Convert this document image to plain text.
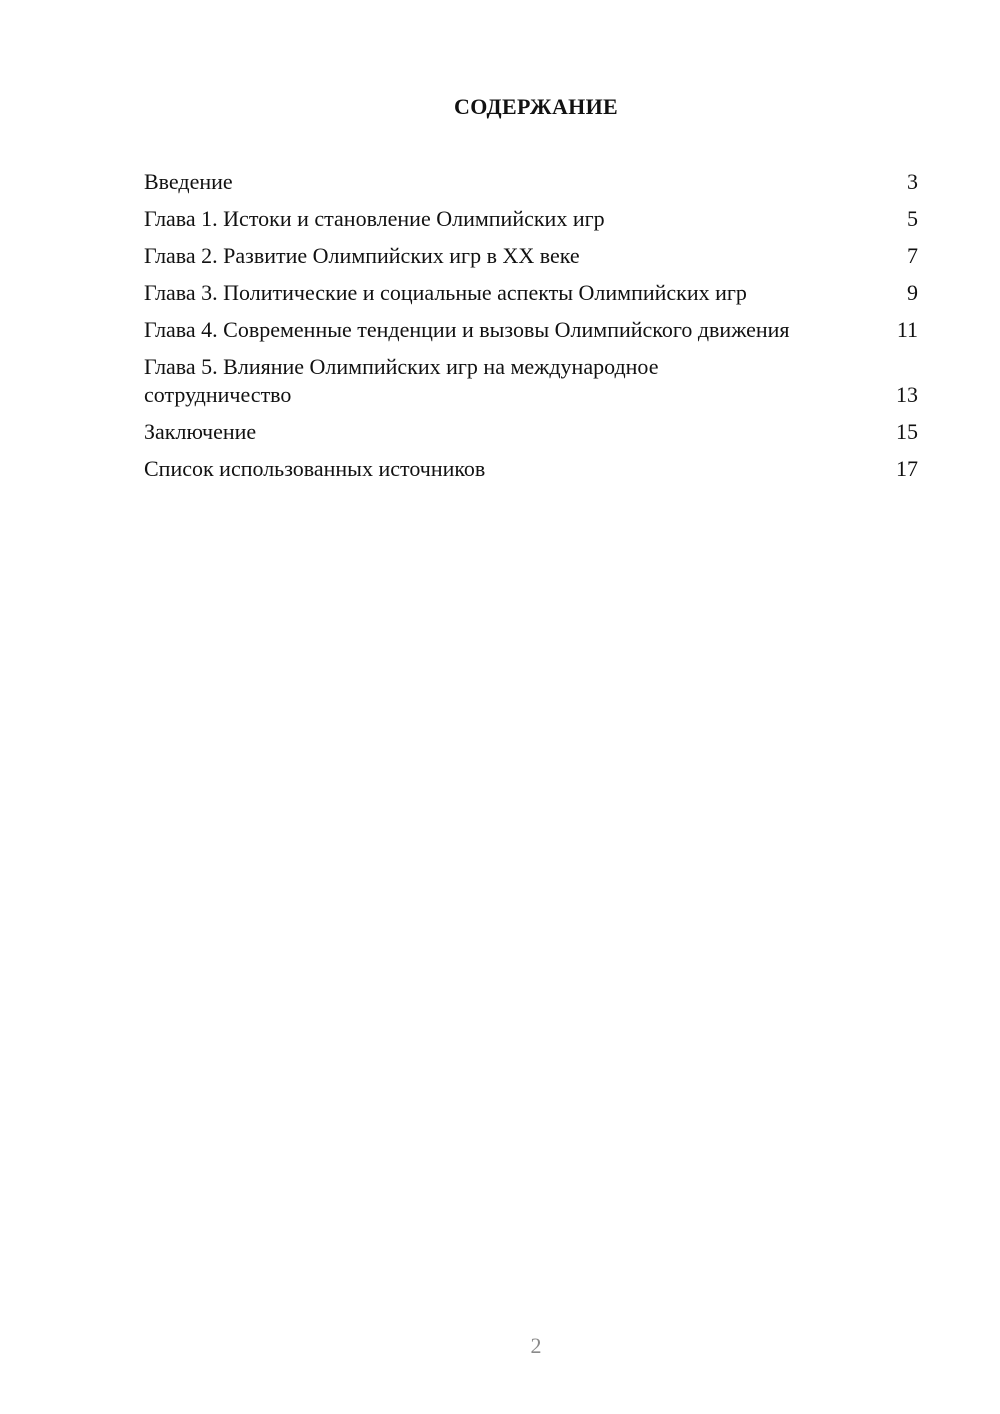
СОДЕРЖАНИЕ
Введение	3
Глава 1. Истоки и становление Олимпийских игр	5
Глава 2. Развитие Олимпийских игр в XX веке	7
Глава 3. Политические и социальные аспекты Олимпийских игр	9
Глава 4. Современные тенденции и вызовы Олимпийского движения	11
Глава 5. Влияние Олимпийских игр на международное сотрудничество	13
Заключение	15
Список использованных источников	17
2
